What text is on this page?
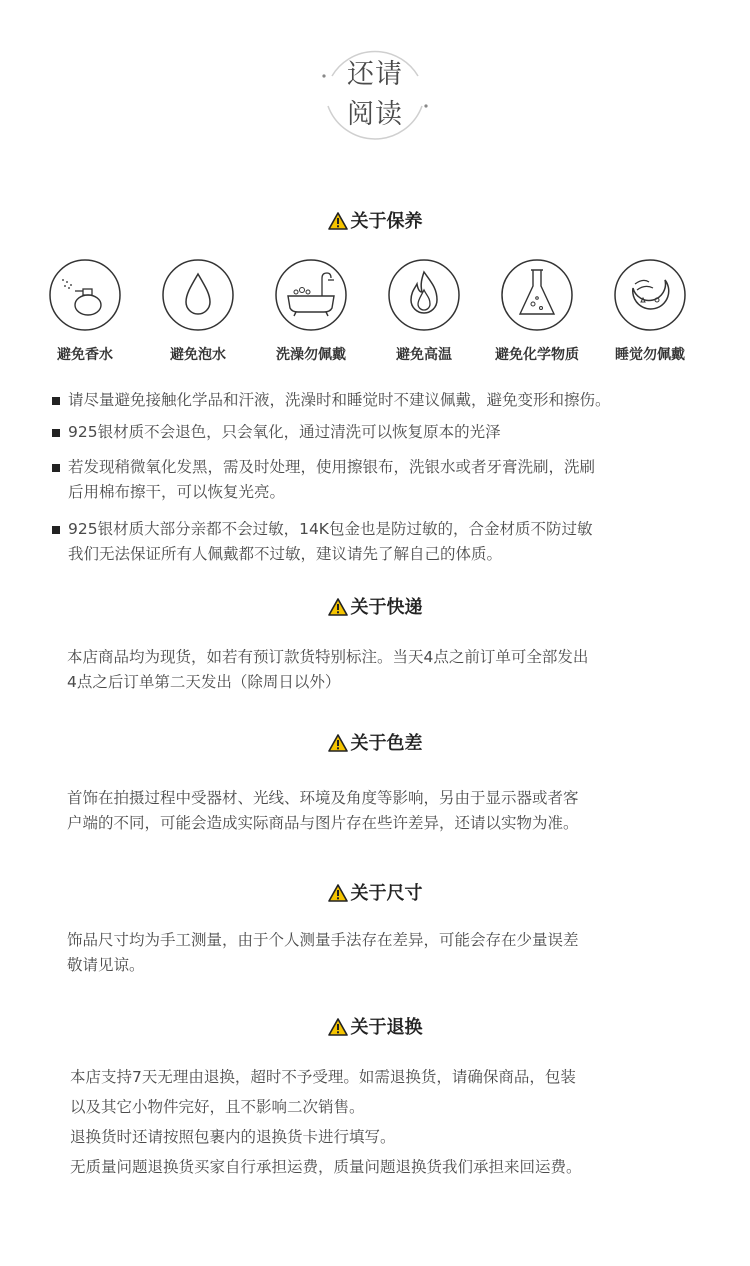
还请
阅读
关于保养
避免香水	避免泡水	洗澡勿佩戴	避免高温	避免化学物质	睡觉勿佩戴
请尽量避免接触化学品和汗液，洗澡时和睡觉时不建议佩戴，避免变形和擦伤。
925银材质不会退色，只会氧化，通过清洗可以恢复原本的光泽
若发现稍微氧化发黑，需及时处理，使用擦银布，洗银水或者牙膏洗刷，洗刷
后用棉布擦干，可以恢复光亮。
925银材质大部分亲都不会过敏，14K包金也是防过敏的，合金材质不防过敏
我们无法保证所有人佩戴都不过敏，建议请先了解自己的体质。
关于快递
本店商品均为现货，如若有预订款货特别标注。当天4点之前订单可全部发出
4点之后订单第二天发出（除周日以外）
关于色差
首饰在拍摄过程中受器材、光线、环境及角度等影响，另由于显示器或者客
户端的不同，可能会造成实际商品与图片存在些许差异，还请以实物为准。
关于尺寸
饰品尺寸均为手工测量，由于个人测量手法存在差异，可能会存在少量误差
敬请见谅。
关于退换
本店支持7天无理由退换，超时不予受理。如需退换货，请确保商品，包装
以及其它小物件完好，且不影响二次销售。
退换货时还请按照包裹内的退换货卡进行填写。
无质量问题退换货买家自行承担运费，质量问题退换货我们承担来回运费。
